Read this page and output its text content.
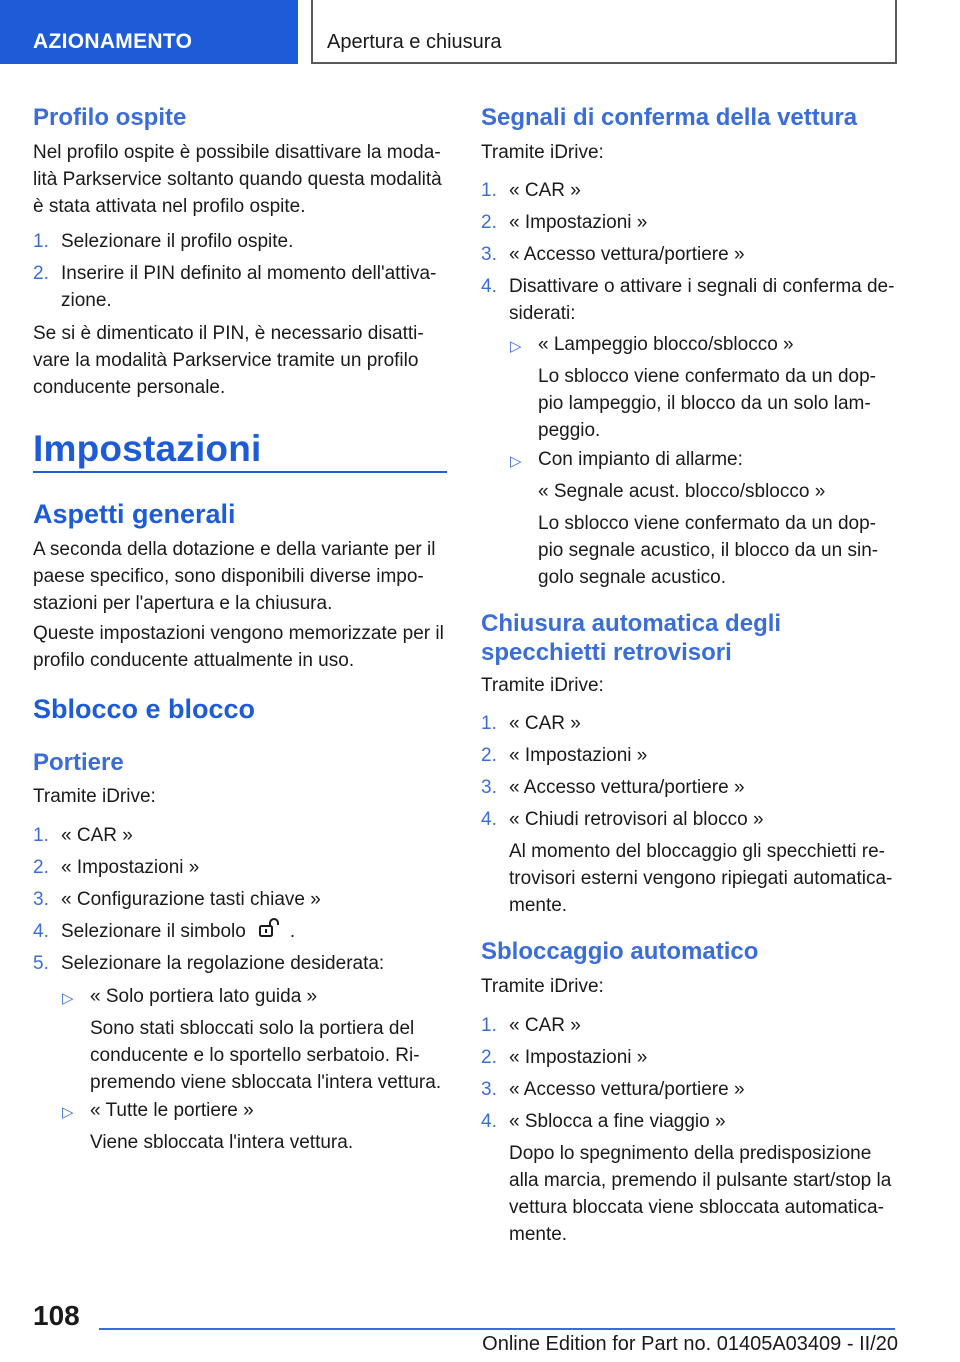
AZIONAMENTO	Apertura e chiusura
Profilo ospite
Nel profilo ospite è possibile disattivare la moda-
lità Parkservice soltanto quando questa modalità
è stata attivata nel profilo ospite.
1. Selezionare il profilo ospite.
2. Inserire il PIN definito al momento dell'attiva-
zione.
Se si è dimenticato il PIN, è necessario disatti-
vare la modalità Parkservice tramite un profilo
conducente personale.
Impostazioni
Aspetti generali
A seconda della dotazione e della variante per il
paese specifico, sono disponibili diverse impo-
stazioni per l'apertura e la chiusura.
Queste impostazioni vengono memorizzate per il
profilo conducente attualmente in uso.
Sblocco e blocco
Portiere
Tramite iDrive:
1. « CAR »
2. « Impostazioni »
3. « Configurazione tasti chiave »
4. Selezionare il simbolo .
5. Selezionare la regolazione desiderata:
▷ « Solo portiera lato guida »
Sono stati sbloccati solo la portiera del
conducente e lo sportello serbatoio. Ri-
premendo viene sbloccata l'intera vettura.
▷ « Tutte le portiere »
Viene sbloccata l'intera vettura.
Segnali di conferma della vettura
Tramite iDrive:
1. « CAR »
2. « Impostazioni »
3. « Accesso vettura/portiere »
4. Disattivare o attivare i segnali di conferma de-
siderati:
▷ « Lampeggio blocco/sblocco »
Lo sblocco viene confermato da un dop-
pio lampeggio, il blocco da un solo lam-
peggio.
▷ Con impianto di allarme:
« Segnale acust. blocco/sblocco »
Lo sblocco viene confermato da un dop-
pio segnale acustico, il blocco da un sin-
golo segnale acustico.
Chiusura automatica degli
specchietti retrovisori
Tramite iDrive:
1. « CAR »
2. « Impostazioni »
3. « Accesso vettura/portiere »
4. « Chiudi retrovisori al blocco »
Al momento del bloccaggio gli specchietti re-
trovisori esterni vengono ripiegati automatica-
mente.
Sbloccaggio automatico
Tramite iDrive:
1. « CAR »
2. « Impostazioni »
3. « Accesso vettura/portiere »
4. « Sblocca a fine viaggio »
Dopo lo spegnimento della predisposizione
alla marcia, premendo il pulsante start/stop la
vettura bloccata viene sbloccata automatica-
mente.
108
Online Edition for Part no. 01405A03409 - II/20
